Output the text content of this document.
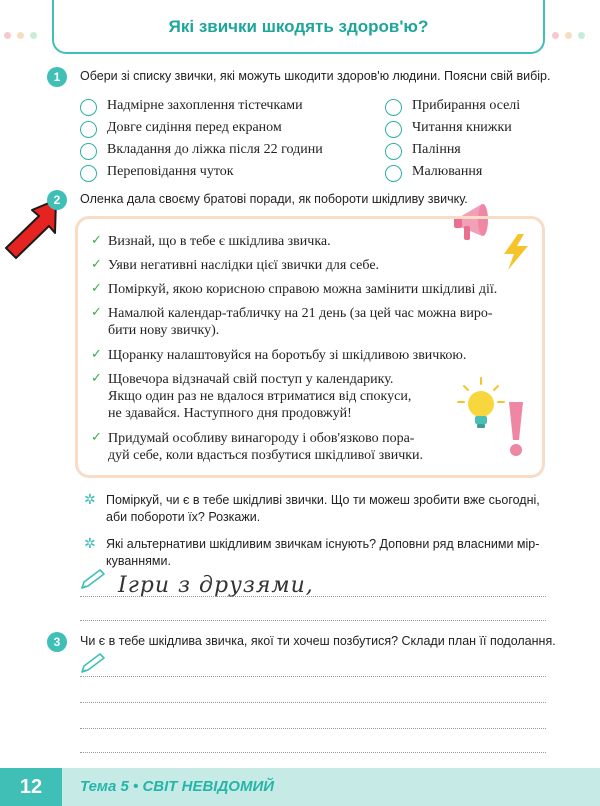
Які звички шкодять здоров'ю?
1	Обери зі списку звички, які можуть шкодити здоров'ю людини. Поясни свій вибір.
Надмірне захоплення тістечками
Довге сидіння перед екраном
Вкладання до ліжка після 22 години
Переповідання чуток
Прибирання оселі
Читання книжки
Паління
Малювання
2	Оленка дала своєму братові поради, як побороти шкідливу звичку.
✓ Визнай, що в тебе є шкідлива звичка.
✓ Уяви негативні наслідки цієї звички для себе.
✓ Поміркуй, якою корисною справою можна замінити шкідливі дії.
✓ Намалюй календар-табличку на 21 день (за цей час можна виро-
бити нову звичку).
✓ Щоранку налаштовуйся на боротьбу зі шкідливою звичкою.
✓ Щовечора відзначай свій поступ у календарику.
Якщо один раз не вдалося втриматися від спокуси,
не здавайся. Наступного дня продовжуй!
✓ Придумай особливу винагороду і обов'язково пора-
дуй себе, коли вдасться позбутися шкідливої звички.
✲ Поміркуй, чи є в тебе шкідливі звички. Що ти можеш зробити вже сьогодні,
аби побороти їх? Розкажи.
✲ Які альтернативи шкідливим звичкам існують? Доповни ряд власними мір-
куваннями.
Ігри з друзями,
3	Чи є в тебе шкідлива звичка, якої ти хочеш позбутися? Склади план її подолання.
12	Тема 5 • СВІТ НЕВІДОМИЙ
